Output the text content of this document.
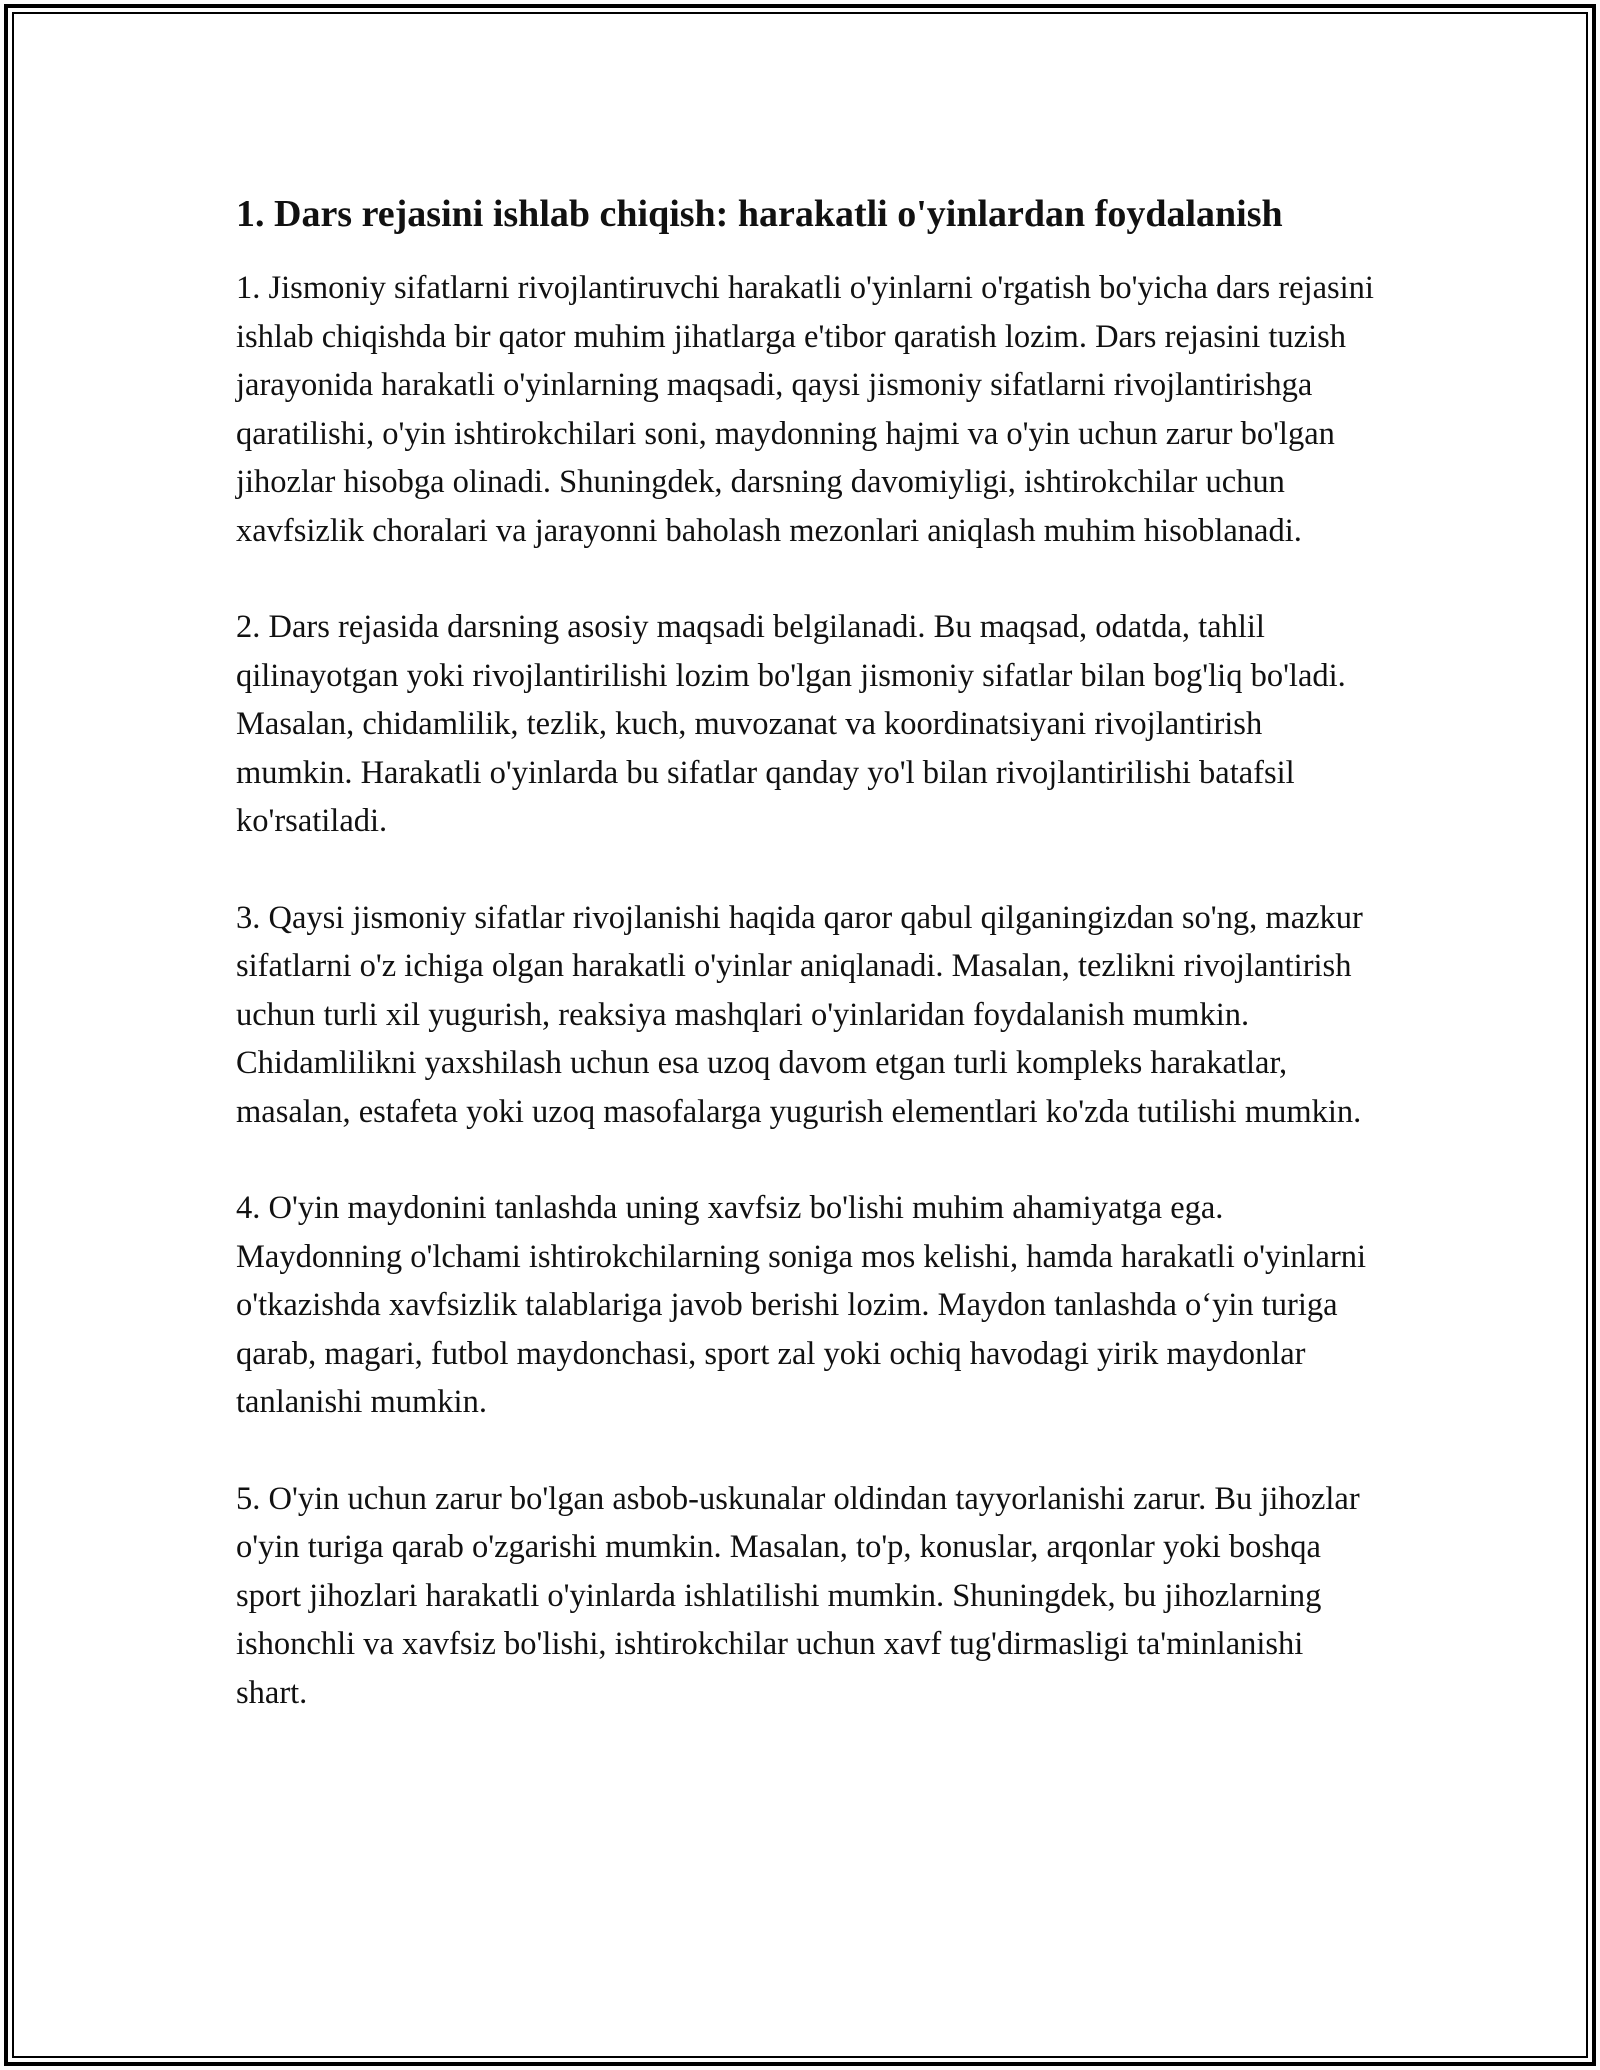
1. Dars rejasini ishlab chiqish: harakatli o'yinlardan foydalanish

1. Jismoniy sifatlarni rivojlantiruvchi harakatli o'yinlarni o'rgatish bo'yicha dars rejasini ishlab chiqishda bir qator muhim jihatlarga e'tibor qaratish lozim. Dars rejasini tuzish jarayonida harakatli o'yinlarning maqsadi, qaysi jismoniy sifatlarni rivojlantirishga qaratilishi, o'yin ishtirokchilari soni, maydonning hajmi va o'yin uchun zarur bo'lgan jihozlar hisobga olinadi. Shuningdek, darsning davomiyligi, ishtirokchilar uchun xavfsizlik choralari va jarayonni baholash mezonlari aniqlash muhim hisoblanadi.

2. Dars rejasida darsning asosiy maqsadi belgilanadi. Bu maqsad, odatda, tahlil qilinayotgan yoki rivojlantirilishi lozim bo'lgan jismoniy sifatlar bilan bog'liq bo'ladi. Masalan, chidamlilik, tezlik, kuch, muvozanat va koordinatsiyani rivojlantirish mumkin. Harakatli o'yinlarda bu sifatlar qanday yo'l bilan rivojlantirilishi batafsil ko'rsatiladi.

3. Qaysi jismoniy sifatlar rivojlanishi haqida qaror qabul qilganingizdan so'ng, mazkur sifatlarni o'z ichiga olgan harakatli o'yinlar aniqlanadi. Masalan, tezlikni rivojlantirish uchun turli xil yugurish, reaksiya mashqlari o'yinlaridan foydalanish mumkin. Chidamlilikni yaxshilash uchun esa uzoq davom etgan turli kompleks harakatlar, masalan, estafeta yoki uzoq masofalarga yugurish elementlari ko'zda tutilishi mumkin.

4. O'yin maydonini tanlashda uning xavfsiz bo'lishi muhim ahamiyatga ega. Maydonning o'lchami ishtirokchilarning soniga mos kelishi, hamda harakatli o'yinlarni o'tkazishda xavfsizlik talablariga javob berishi lozim. Maydon tanlashda o‘yin turiga qarab, magari, futbol maydonchasi, sport zal yoki ochiq havodagi yirik maydonlar tanlanishi mumkin.

5. O'yin uchun zarur bo'lgan asbob-uskunalar oldindan tayyorlanishi zarur. Bu jihozlar o'yin turiga qarab o'zgarishi mumkin. Masalan, to'p, konuslar, arqonlar yoki boshqa sport jihozlari harakatli o'yinlarda ishlatilishi mumkin. Shuningdek, bu jihozlarning ishonchli va xavfsiz bo'lishi, ishtirokchilar uchun xavf tug'dirmasligi ta'minlanishi shart.
